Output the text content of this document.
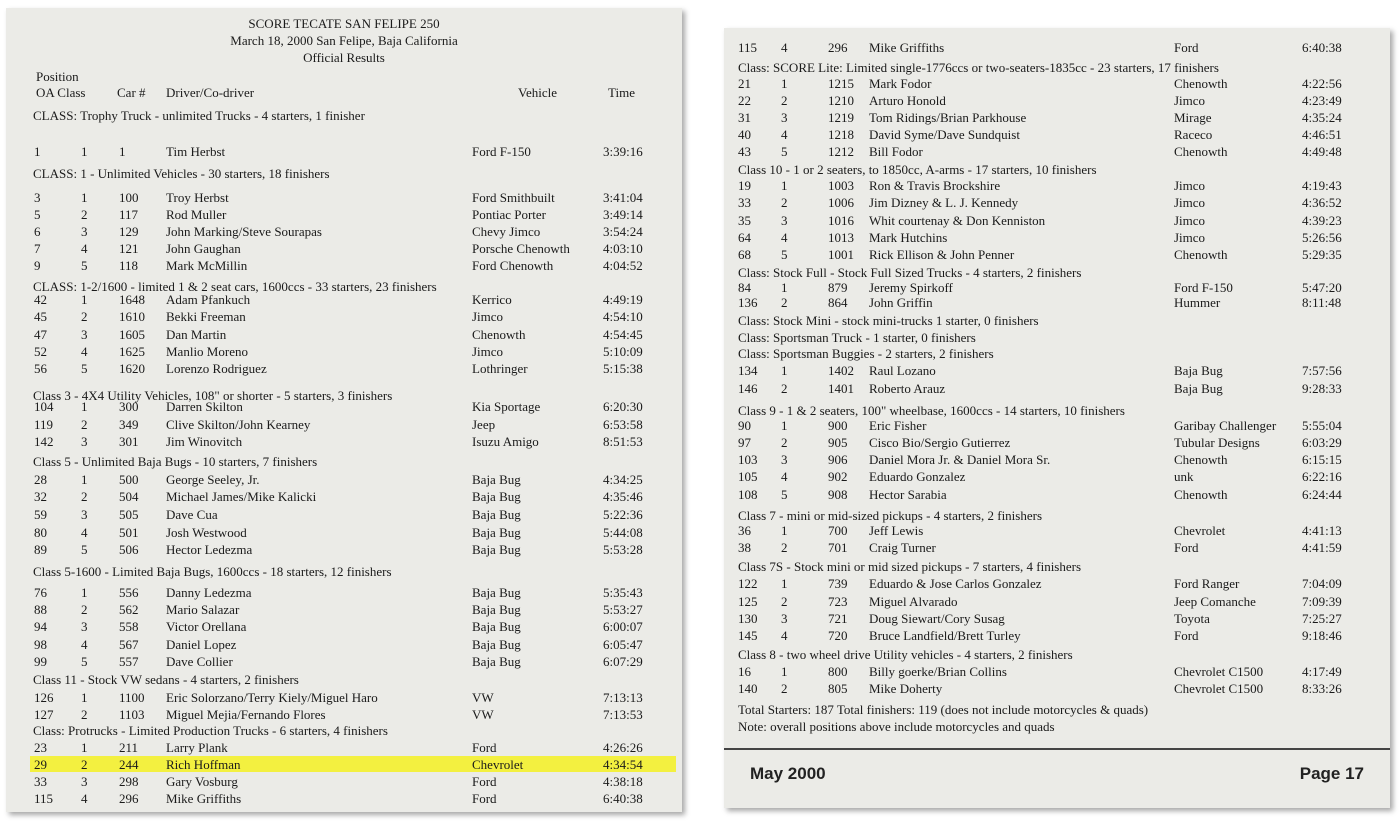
SCORE TECATE SAN FELIPE 250
March 18, 2000 San Felipe, Baja California
Official Results
Position
OA Class Car # Driver/Co-driver	Vehicle	Time
CLASS: Trophy Truck - unlimited Trucks - 4 starters, 1 finisher
CLASS: 1 - Unlimited Vehicles - 30 starters, 18 finishers
CLASS: 1-2/1600 - limited 1 & 2 seat cars, 1600ccs - 33 starters, 23 finishers
Class 3 - 4X4 Utility Vehicles, 108" or shorter - 5 starters, 3 finishers
Class 5 - Unlimited Baja Bugs - 10 starters, 7 finishers
Class 5-1600 - Limited Baja Bugs, 1600ccs - 18 starters, 12 finishers
Class 11 - Stock VW sedans - 4 starters, 2 finishers
Class: Protrucks - Limited Production Trucks - 6 starters, 4 finishers
1	1 1	Tim Herbst	Ford F-150	3:39:16
3	1 100 Troy Herbst	Ford Smithbuilt	3:41:04
5	2 117 Rod Muller	Pontiac Porter	3:49:14
6	3 129 John Marking/Steve Sourapas	Chevy Jimco	3:54:24
7	4 121 John Gaughan	Porsche Chenowth	4:03:10
9	5 118 Mark McMillin	Ford Chenowth	4:04:52
42	1 1648 Adam Pfankuch	Kerrico	4:49:19
45	2 1610 Bekki Freeman	Jimco	4:54:10
47	3 1605 Dan Martin	Chenowth	4:54:45
52	4 1625 Manlio Moreno	Jimco	5:10:09
56	5 1620 Lorenzo Rodriguez	Lothringer	5:15:38
104 1 300 Darren Skilton	Kia Sportage	6:20:30
119 2 349 Clive Skilton/John Kearney	Jeep	6:53:58
142 3 301 Jim Winovitch	Isuzu Amigo	8:51:53
28	1 500 George Seeley, Jr.	Baja Bug	4:34:25
32	2 504 Michael James/Mike Kalicki	Baja Bug	4:35:46
59	3 505 Dave Cua	Baja Bug	5:22:36
80	4 501 Josh Westwood	Baja Bug	5:44:08
89	5 506 Hector Ledezma	Baja Bug	5:53:28
76	1 556 Danny Ledezma	Baja Bug	5:35:43
88	2 562 Mario Salazar	Baja Bug	5:53:27
94	3 558 Victor Orellana	Baja Bug	6:00:07
98	4 567 Daniel Lopez	Baja Bug	6:05:47
99	5 557 Dave Collier	Baja Bug	6:07:29
126 1 1100 Eric Solorzano/Terry Kiely/Miguel Haro	VW	7:13:13
127 2 1103 Miguel Mejia/Fernando Flores	VW	7:13:53
23	1 211 Larry Plank	Ford	4:26:26
29	2 244 Rich Hoffman	Chevrolet	4:34:54
33	3 298 Gary Vosburg	Ford	4:38:18
115 4 296 Mike Griffiths	Ford	6:40:38
May 2000	Page 17
Class: SCORE Lite: Limited single-1776ccs or two-seaters-1835cc - 23 starters, 17 finishers
Class 10 - 1 or 2 seaters, to 1850cc, A-arms - 17 starters, 10 finishers
Class: Stock Full - Stock Full Sized Trucks - 4 starters, 2 finishers
Class: Stock Mini - stock mini-trucks 1 starter, 0 finishers
Class: Sportsman Truck - 1 starter, 0 finishers
Class: Sportsman Buggies - 2 starters, 2 finishers
Class 9 - 1 & 2 seaters, 100" wheelbase, 1600ccs - 14 starters, 10 finishers
Class 7 - mini or mid-sized pickups - 4 starters, 2 finishers
Class 7S - Stock mini or mid sized pickups - 7 starters, 4 finishers
Class 8 - two wheel drive Utility vehicles - 4 starters, 2 finishers
115 4	296 Mike Griffiths	Ford	6:40:38
21 1	1215 Mark Fodor	Chenowth	4:22:56
22 2	1210 Arturo Honold	Jimco	4:23:49
31 3	1219 Tom Ridings/Brian Parkhouse	Mirage	4:35:24
40 4	1218 David Syme/Dave Sundquist	Raceco	4:46:51
43 5	1212 Bill Fodor	Chenowth	4:49:48
19 1	1003 Ron & Travis Brockshire	Jimco	4:19:43
33 2	1006 Jim Dizney & L. J. Kennedy	Jimco	4:36:52
35 3	1016 Whit courtenay & Don Kenniston	Jimco	4:39:23
64 4	1013 Mark Hutchins	Jimco	5:26:56
68 5	1001 Rick Ellison & John Penner	Chenowth	5:29:35
84 1	879 Jeremy Spirkoff	Ford F-150	5:47:20
136 2	864 John Griffin	Hummer	8:11:48
134 1	1402 Raul Lozano	Baja Bug	7:57:56
146 2	1401 Roberto Arauz	Baja Bug	9:28:33
90 1	900 Eric Fisher	Garibay Challenger 5:55:04
97 2	905 Cisco Bio/Sergio Gutierrez	Tubular Designs	6:03:29
103 3	906 Daniel Mora Jr. & Daniel Mora Sr.	Chenowth	6:15:15
105 4	902 Eduardo Gonzalez	unk	6:22:16
108 5	908 Hector Sarabia	Chenowth	6:24:44
36 1	700 Jeff Lewis	Chevrolet	4:41:13
38 2	701 Craig Turner	Ford	4:41:59
122 1	739 Eduardo & Jose Carlos Gonzalez	Ford Ranger	7:04:09
125 2	723 Miguel Alvarado	Jeep Comanche	7:09:39
130 3	721 Doug Siewart/Cory Susag	Toyota	7:25:27
145 4	720 Bruce Landfield/Brett Turley	Ford	9:18:46
16 1	800 Billy goerke/Brian Collins	Chevrolet C1500	4:17:49
140 2	805 Mike Doherty	Chevrolet C1500	8:33:26
Total Starters: 187 Total finishers: 119 (does not include motorcycles & quads)
Note: overall positions above include motorcycles and quads
